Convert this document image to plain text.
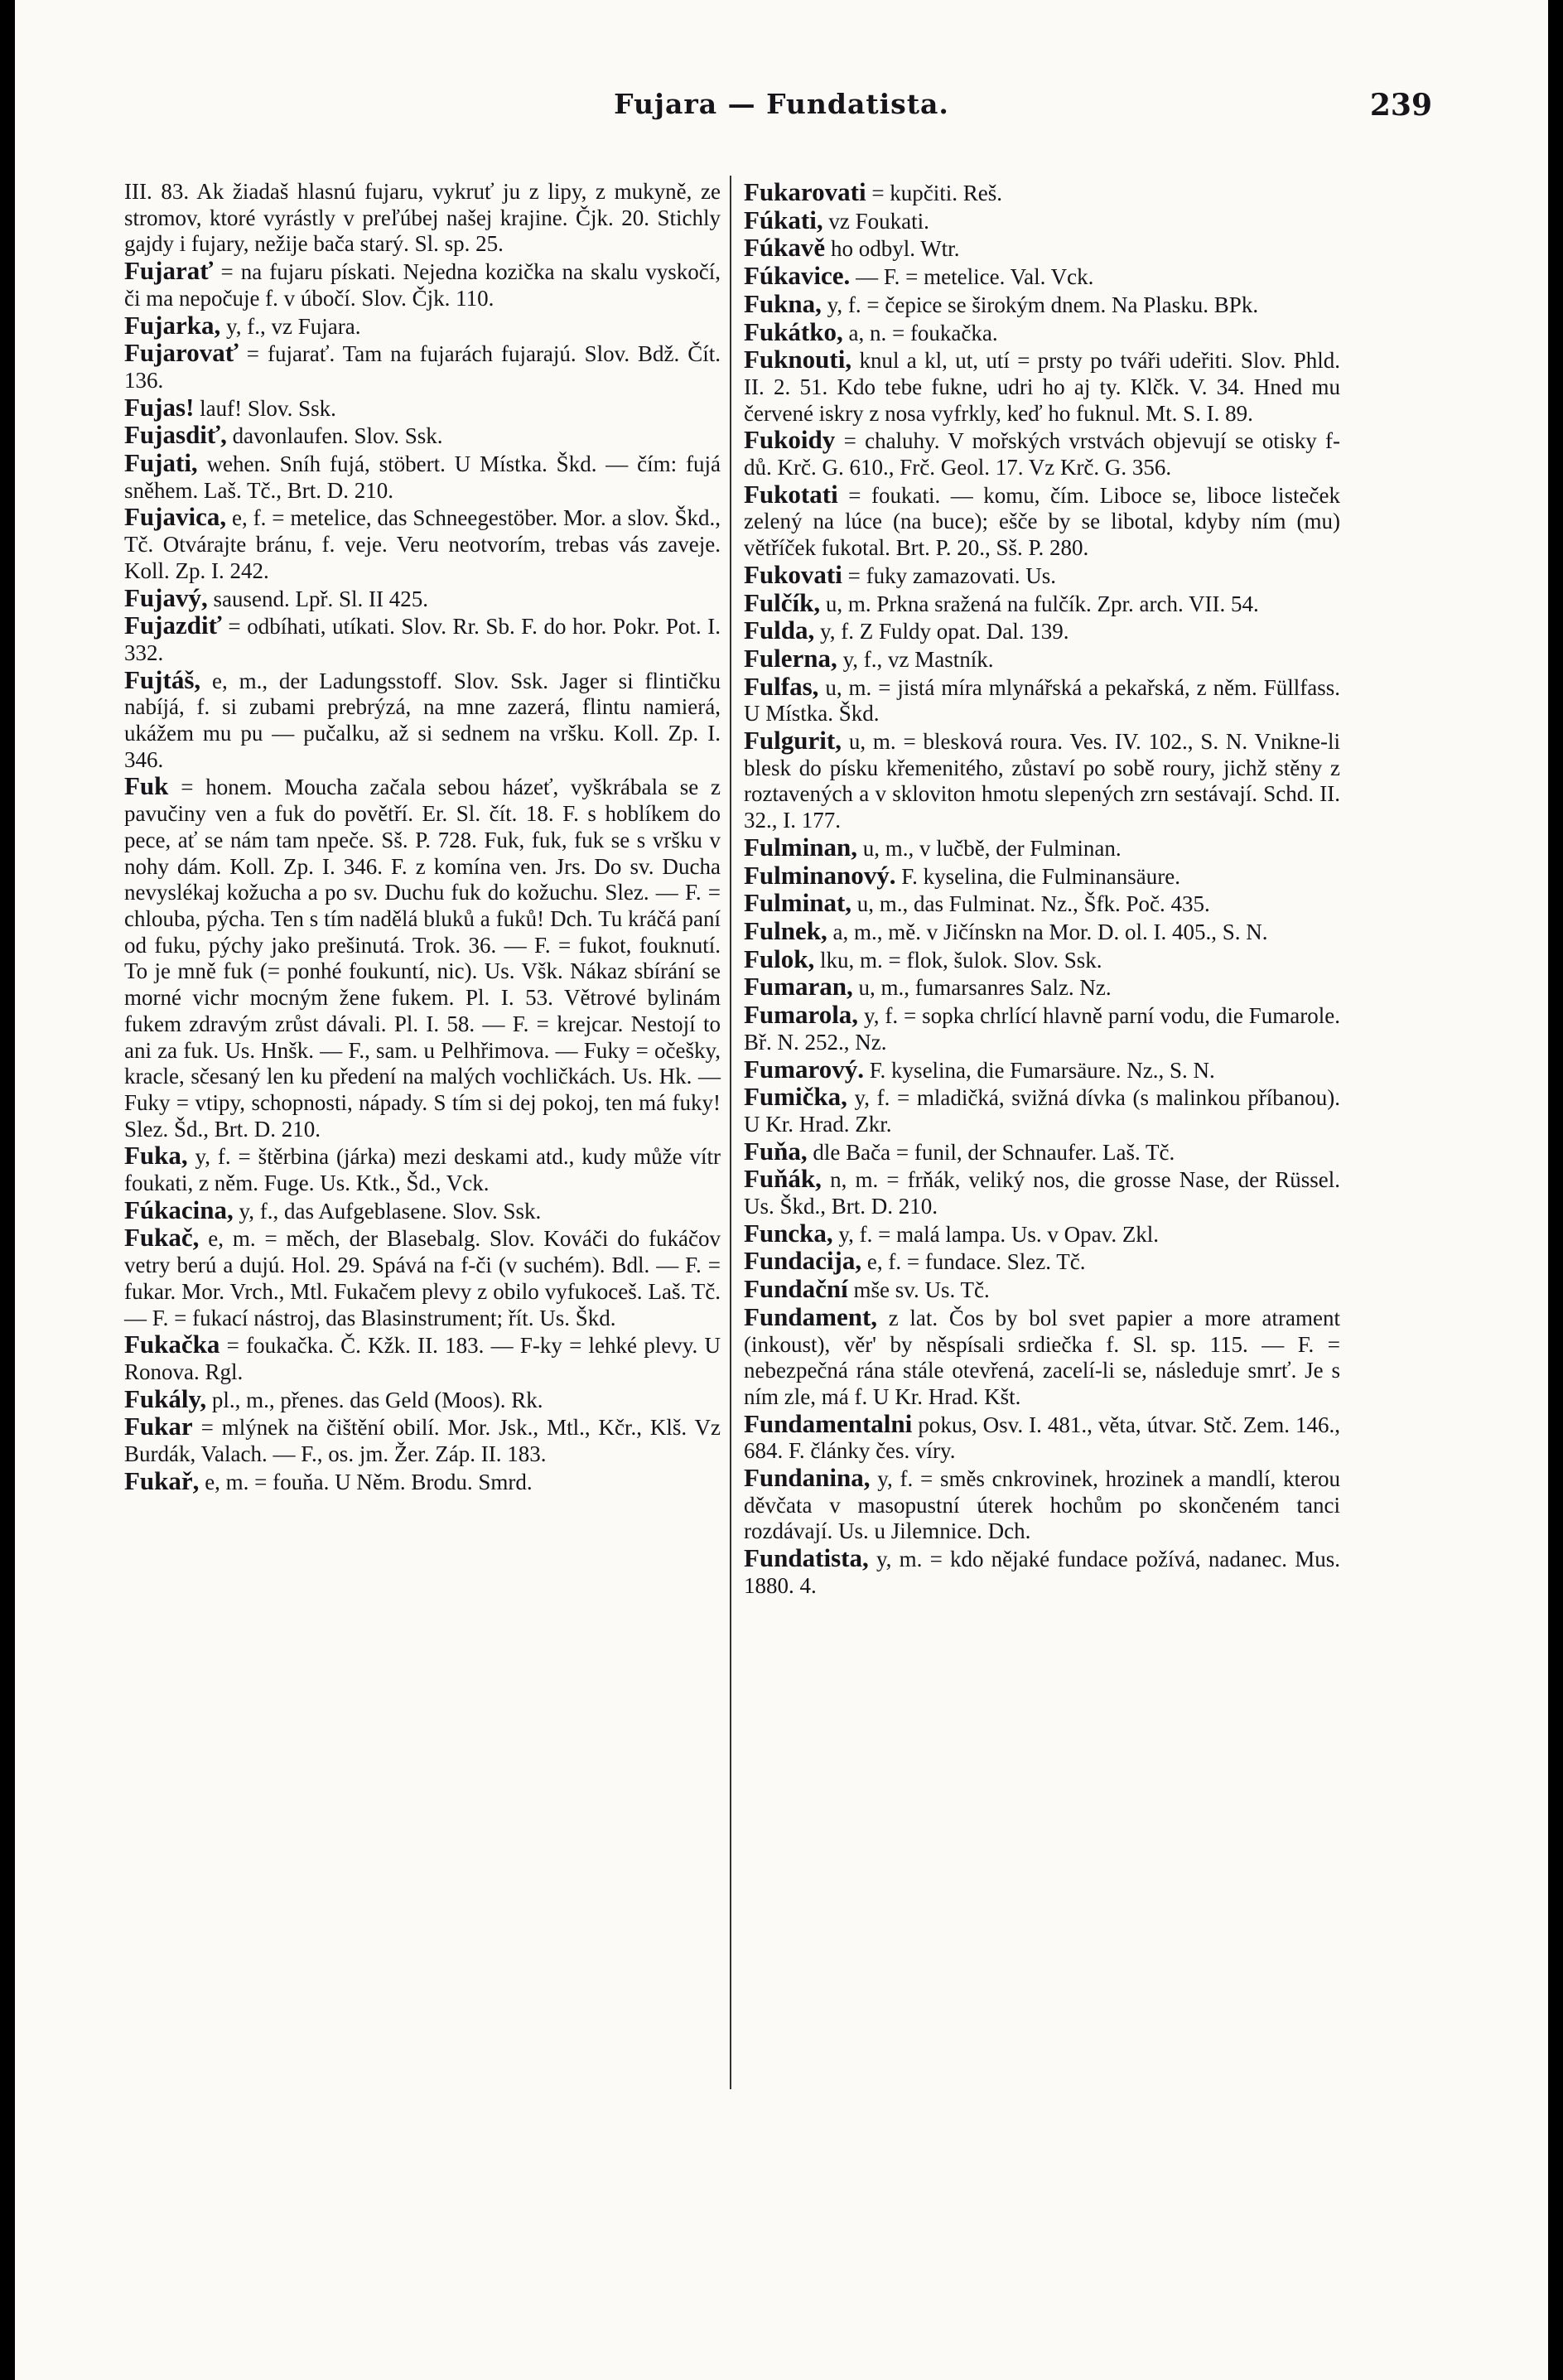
Fujara — Fundatista.	239

III. 83. Ak žiadaš hlasnú fujaru, vykruť ju z lipy, z mukyně, ze stromov, ktoré vyrástly v preľúbej našej krajine. Čjk. 20. Stichly gajdy i fujary, nežije bača starý. Sl. sp. 25.

Fujarať = na fujaru pískati. Nejedna kozička na skalu vyskočí, či ma nepočuje f. v úbočí. Slov. Čjk. 110.

Fujarka, y, f., vz Fujara.

Fujarovať = fujarať. Tam na fujarách fujarajú. Slov. Bdž. Čít. 136.

Fujas! lauf! Slov. Ssk.

Fujasdiť, davonlaufen. Slov. Ssk.

Fujati, wehen. Sníh fujá, stöbert. U Místka. Škd. — čím: fujá sněhem. Laš. Tč., Brt. D. 210.

Fujavica, e, f. = metelice, das Schneegestöber. Mor. a slov. Škd., Tč. Otvárajte bránu, f. veje. Veru neotvorím, trebas vás zaveje. Koll. Zp. I. 242.

Fujavý, sausend. Lpř. Sl. II 425.

Fujazdiť = odbíhati, utíkati. Slov. Rr. Sb. F. do hor. Pokr. Pot. I. 332.

Fujtáš, e, m., der Ladungsstoff. Slov. Ssk. Jager si flintičku nabíjá, f. si zubami prebrýzá, na mne zazerá, flintu namierá, ukážem mu pu — pučalku, až si sednem na vršku. Koll. Zp. I. 346.

Fuk = honem. Moucha začala sebou házeť, vyškrábala se z pavučiny ven a fuk do povětří. Er. Sl. čít. 18. F. s hoblíkem do pece, ať se nám tam npeče. Sš. P. 728. Fuk, fuk, fuk se s vršku v nohy dám. Koll. Zp. I. 346. F. z komína ven. Jrs. Do sv. Ducha nevyslékaj kožucha a po sv. Duchu fuk do kožuchu. Slez. — F. = chlouba, pýcha. Ten s tím nadělá bluků a fuků! Dch. Tu kráčá paní od fuku, pýchy jako prešinutá. Trok. 36. — F. = fukot, fouknutí. To je mně fuk (= ponhé foukuntí, nic). Us. Všk. Nákaz sbírání se morné vichr mocným žene fukem. Pl. I. 53. Větrové bylinám fukem zdravým zrůst dávali. Pl. I. 58. — F. = krejcar. Nestojí to ani za fuk. Us. Hnšk. — F., sam. u Pelhřimova. — Fuky = očešky, kracle, sčesaný len ku předení na malých vochličkách. Us. Hk. — Fuky = vtipy, schopnosti, nápady. S tím si dej pokoj, ten má fuky! Slez. Šd., Brt. D. 210.

Fuka, y, f. = štěrbina (járka) mezi deskami atd., kudy může vítr foukati, z něm. Fuge. Us. Ktk., Šd., Vck.

Fúkacina, y, f., das Aufgeblasene. Slov. Ssk.

Fukač, e, m. = měch, der Blasebalg. Slov. Kováči do fukáčov vetry berú a dujú. Hol. 29. Spává na f-či (v suchém). Bdl. — F. = fukar. Mor. Vrch., Mtl. Fukačem plevy z obilo vyfukoceš. Laš. Tč. — F. = fukací nástroj, das Blasinstrument; řít. Us. Škd.

Fukačka = foukačka. Č. Kžk. II. 183. — F-ky = lehké plevy. U Ronova. Rgl.

Fukály, pl., m., přenes. das Geld (Moos). Rk.

Fukar = mlýnek na čištění obilí. Mor. Jsk., Mtl., Kčr., Klš. Vz Burdák, Valach. — F., os. jm. Žer. Záp. II. 183.

Fukař, e, m. = fouňa. U Něm. Brodu. Smrd.

Fukarovati = kupčiti. Reš.

Fúkati, vz Foukati.

Fúkavě ho odbyl. Wtr.

Fúkavice. — F. = metelice. Val. Vck.

Fukna, y, f. = čepice se širokým dnem. Na Plasku. BPk.

Fukátko, a, n. = foukačka.

Fuknouti, knul a kl, ut, utí = prsty po tváři udeřiti. Slov. Phld. II. 2. 51. Kdo tebe fukne, udri ho aj ty. Klčk. V. 34. Hned mu červené iskry z nosa vyfrkly, keď ho fuknul. Mt. S. I. 89.

Fukoidy = chaluhy. V mořských vrstvách objevují se otisky f-dů. Krč. G. 610., Frč. Geol. 17. Vz Krč. G. 356.

Fukotati = foukati. — komu, čím. Libocе se, liboce listeček zelený na lúce (na buce); ešče by se libotal, kdyby ním (mu) větříček fukotal. Brt. P. 20., Sš. P. 280.

Fukovati = fuky zamazovati. Us.

Fulčík, u, m. Prkna sražená na fulčík. Zpr. arch. VII. 54.

Fulda, y, f. Z Fuldy opat. Dal. 139.

Fulerna, y, f., vz Mastník.

Fulfas, u, m. = jistá míra mlynářská a pekařská, z něm. Füllfass. U Místka. Škd.

Fulgurit, u, m. = blesková roura. Ves. IV. 102., S. N. Vnikne-li blesk do písku křemenitého, zůstaví po sobě roury, jichž stěny z roztavených a v skloviton hmotu slepených zrn sestávají. Schd. II. 32., I. 177.

Fulminan, u, m., v lučbě, der Fulminan.

Fulminanový. F. kyselina, die Fulminansäure.

Fulminat, u, m., das Fulminat. Nz., Šfk. Poč. 435.

Fulnek, a, m., mě. v Jičínskn na Mor. D. ol. I. 405., S. N.

Fulok, lku, m. = flok, šulok. Slov. Ssk.

Fumaran, u, m., fumarsanres Salz. Nz.

Fumarola, y, f. = sopka chrlící hlavně parní vodu, die Fumarole. Bř. N. 252., Nz.

Fumarový. F. kyselina, die Fumarsäure. Nz., S. N.

Fumička, y, f. = mladičká, svižná dívka (s malinkou příbanou). U Kr. Hrad. Zkr.

Fuňa, dle Bača = funil, der Schnaufer. Laš. Tč.

Fuňák, n, m. = frňák, veliký nos, die grosse Nase, der Rüssel. Us. Škd., Brt. D. 210.

Funcka, y, f. = malá lampa. Us. v Opav. Zkl.

Fundacija, e, f. = fundace. Slez. Tč.

Fundační mše sv. Us. Tč.

Fundament, z lat. Čos by bol svet papier a more atrament (inkoust), věr' by něspísali srdiečka f. Sl. sp. 115. — F. = nebezpečná rána stále otevřená, zacelí-li se, následuje smrť. Je s ním zle, má f. U Kr. Hrad. Kšt.

Fundamentalni pokus, Osv. I. 481., věta, útvar. Stč. Zem. 146., 684. F. články čes. víry.

Fundanina, y, f. = směs cnkrovinek, hrozinek a mandlí, kterou děvčata v masopustní úterek hochům po skončeném tanci rozdávají. Us. u Jilemnice. Dch.

Fundatista, y, m. = kdo nějaké fundace požívá, nadanec. Mus. 1880. 4.
